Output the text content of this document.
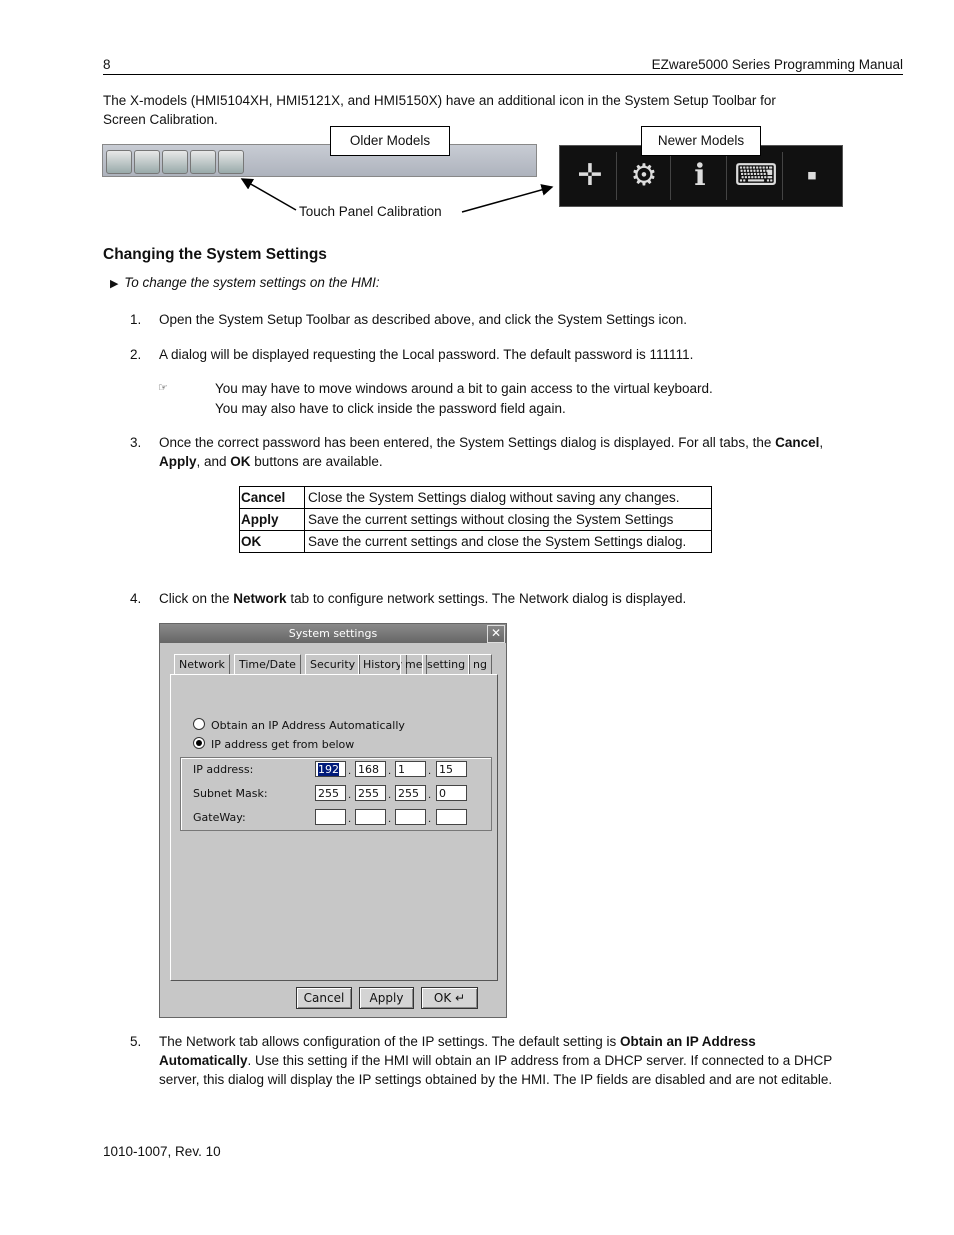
8	EZware5000 Series Programming Manual

The X-models (HMI5104XH, HMI5121X, and HMI5150X) have an additional icon in the System Setup Toolbar for Screen Calibration.

Older Models
✛ ⚙	ℹ ⌨ ▪
Newer Models
Touch Panel Calibration
Changing the System Settings
▶ To change the system settings on the HMI:
1. Open the System Setup Toolbar as described above, and click the System Settings icon.
2. A dialog will be displayed requesting the Local password. The default password is 111111.
☞	You may have to move windows around a bit to gain access to the virtual keyboard.
You may also have to click inside the password field again.
3. Once the correct password has been entered, the System Settings dialog is displayed. For all tabs, the Cancel,
Apply, and OK buttons are available.
Cancel	Close the System Settings dialog without saving any changes.
Apply	Save the current settings without closing the System Settings
OK	Save the current settings and close the System Settings dialog.
4. Click on the Network tab to configure network settings. The Network dialog is displayed.
System settings	✕
Network	Time/Date	Security History me setting ng
Obtain an IP Address Automatically
IP address get from below
IP address:	192 . 168 . 1	. 15
Subnet Mask:	255 . 255 . 255 . 0
GateWay:	.	.	.
Cancel	Apply	OK ↵
5. The Network tab allows configuration of the IP settings. The default setting is Obtain an IP Address Automatically. Use this setting if the HMI will obtain an IP address from a DHCP server. If connected to a DHCP server, this dialog will display the IP settings obtained by the HMI. The IP fields are disabled and are not editable.
1010-1007, Rev. 10
